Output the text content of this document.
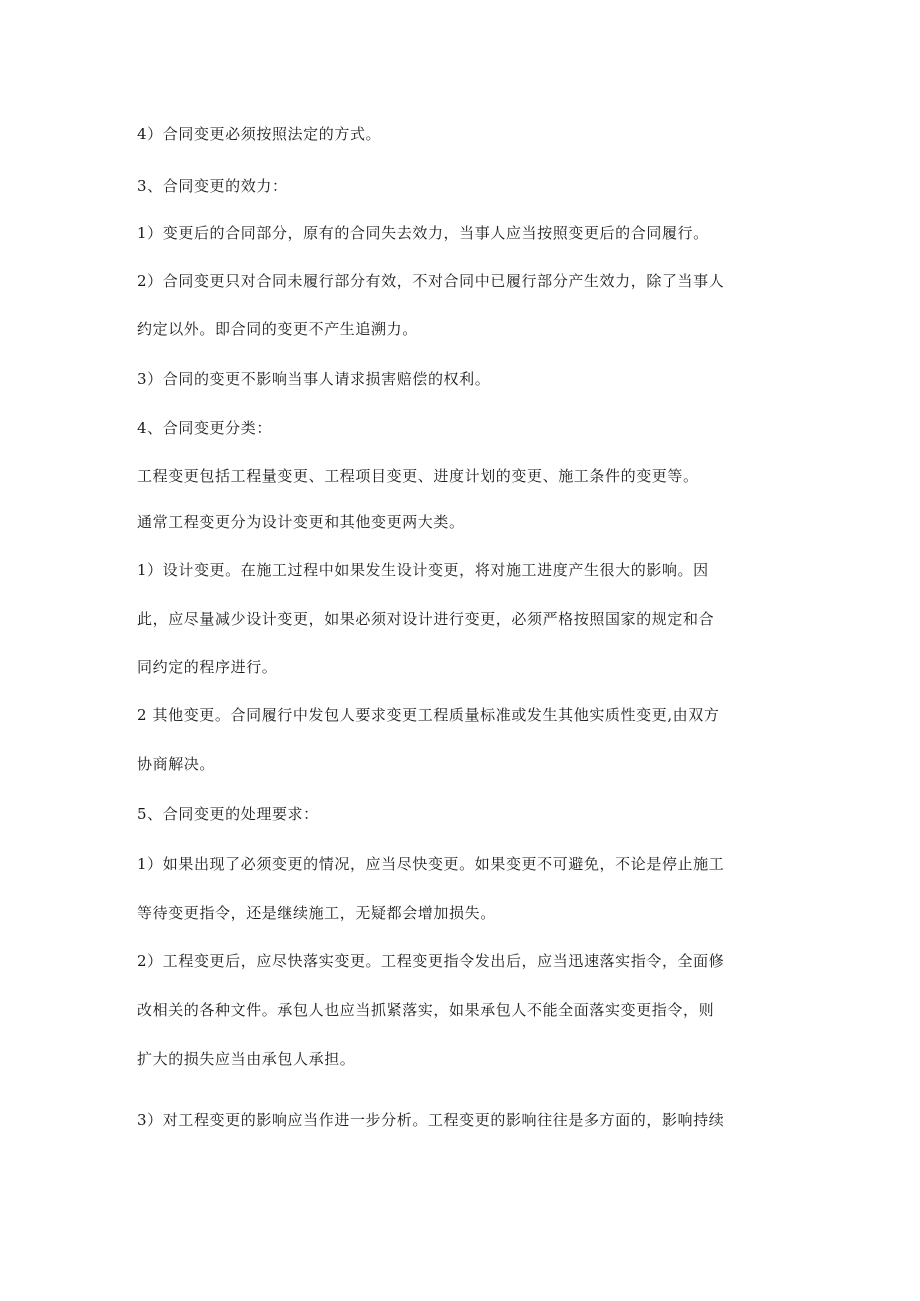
4）合同变更必须按照法定的方式。
3、合同变更的效力：
1）变更后的合同部分，原有的合同失去效力，当事人应当按照变更后的合同履行。
2）合同变更只对合同未履行部分有效，不对合同中已履行部分产生效力，除了当事人
约定以外。即合同的变更不产生追溯力。
3）合同的变更不影响当事人请求损害赔偿的权利。
4、合同变更分类：
工程变更包括工程量变更、工程项目变更、进度计划的变更、施工条件的变更等。
通常工程变更分为设计变更和其他变更两大类。
1）设计变更。在施工过程中如果发生设计变更，将对施工进度产生很大的影响。因
此，应尽量减少设计变更，如果必须对设计进行变更，必须严格按照国家的规定和合
同约定的程序进行。
2 其他变更。合同履行中发包人要求变更工程质量标准或发生其他实质性变更,由双方
协商解决。
5、合同变更的处理要求：
1）如果出现了必须变更的情况，应当尽快变更。如果变更不可避免，不论是停止施工
等待变更指令，还是继续施工，无疑都会增加损失。
2）工程变更后，应尽快落实变更。工程变更指令发出后，应当迅速落实指令，全面修
改相关的各种文件。承包人也应当抓紧落实，如果承包人不能全面落实变更指令，则
扩大的损失应当由承包人承担。
3）对工程变更的影响应当作进一步分析。工程变更的影响往往是多方面的，影响持续
